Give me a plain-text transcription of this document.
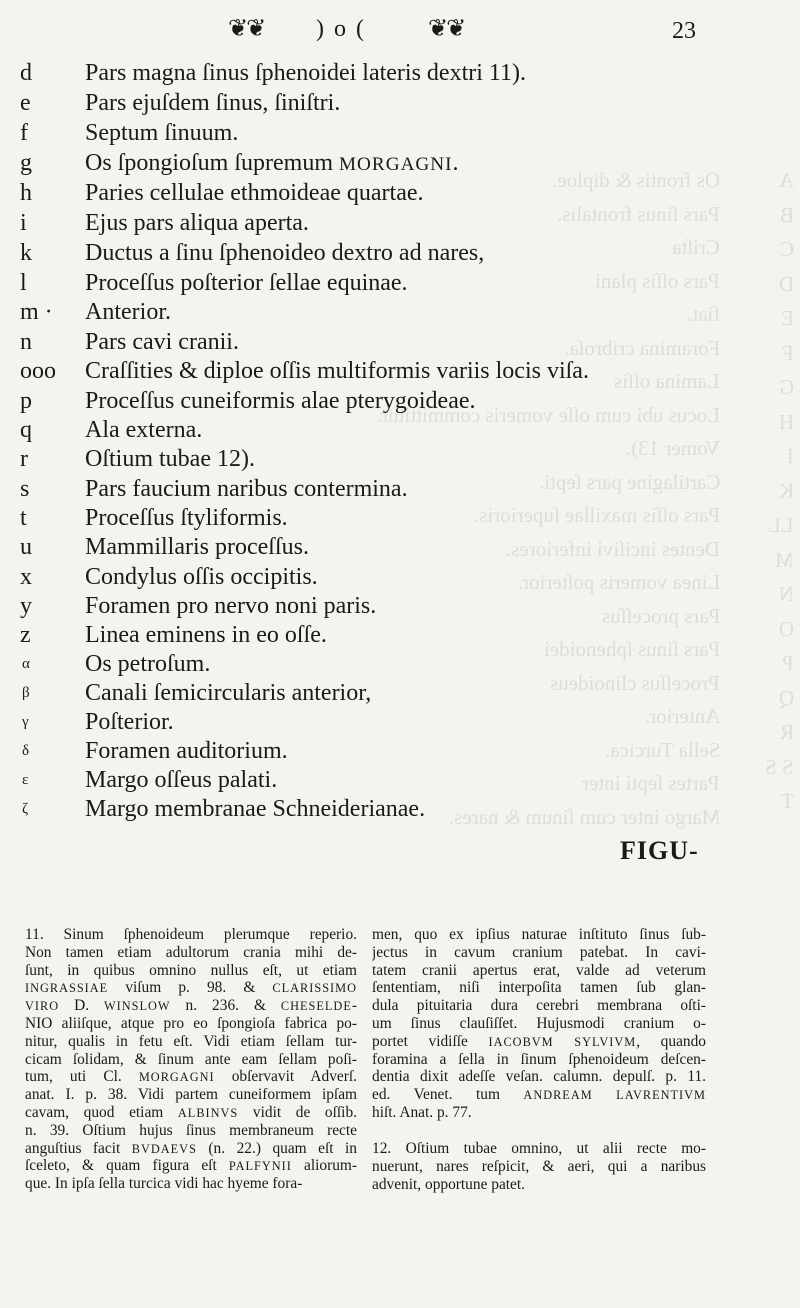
Os frontis & diploe.
Pars ſinus frontalis.
Criſta
Pars oſſis plani
fiat.
Foramina cribroſa.
Lamina oſſis
Locus ubi cum oſſe vomeris committitur.
Vomer 13).
Cartilagine pars ſepti.
Pars oſſis maxillae ſuperioris.
Dentes inciſivi inferiores.
Linea vomeris poſterior.
Pars proceſſus
Pars ſinus ſphenoidei
Proceſſus clinoideus
Anterior.
Sella Turcica.
Partes ſepti inter
Margo inter cum ſinum & nares.
A
B
C
D
E
F
G
H
I
K
LL
M
N
O
P
Q
R
S S
T
❦❦ )o( ❦❦	23
d Pars magna ſinus ſphenoidei lateris dextri 11).
e Pars ejuſdem ſinus, ſiniſtri.
f Septum ſinuum.
g Os ſpongioſum ſupremum MORGAGNI.
h Paries cellulae ethmoideae quartae.
i Ejus pars aliqua aperta.
k Ductus a ſinu ſphenoideo dextro ad nares,
l Proceſſus poſterior ſellae equinae.
m · Anterior.
n Pars cavi cranii.
ooo Craſſities & diploe oſſis multiformis variis locis viſa.
p Proceſſus cuneiformis alae pterygoideae.
q Ala externa.
r Oſtium tubae 12).
s Pars faucium naribus contermina.
t Proceſſus ſtyliformis.
u Mammillaris proceſſus.
x Condylus oſſis occipitis.
y Foramen pro nervo noni paris.
z Linea eminens in eo oſſe.
α Os petroſum.
β Canali ſemicircularis anterior,
γ Poſterior.
δ Foramen auditorium.
ε Margo oſſeus palati.
ζ Margo membranae Schneiderianae.
FIGU-
11. Sinum ſphenoideum plerumque reperio.
Non tamen etiam adultorum crania mihi de-
ſunt, in quibus omnino nullus eſt, ut etiam
INGRASSIAE viſum p. 98. & CLARISSIMO
VIRO D. WINSLOW n. 236. & CHESELDE-
NIO aliiſque, atque pro eo ſpongioſa fabrica po-
nitur, qualis in fetu eſt. Vidi etiam ſellam tur-
cicam ſolidam, & ſinum ante eam ſellam poſi-
tum, uti Cl. MORGAGNI obſervavit Adverſ.
anat. I. p. 38. Vidi partem cuneiformem ipſam
cavam, quod etiam ALBINVS vidit de oſſib.
n. 39. Oſtium hujus ſinus membraneum recte
anguſtius facit BVDAEVS (n. 22.) quam eſt in
ſceleto, & quam figura eſt PALFYNII aliorum-
que. In ipſa ſella turcica vidi hac hyeme fora-
men, quo ex ipſius naturae inſtituto ſinus ſub-
jectus in cavum cranium patebat. In cavi-
tatem cranii apertus erat, valde ad veterum
ſententiam, niſi interpoſita tamen ſub glan-
dula pituitaria dura cerebri membrana oſti-
um ſinus clauſiſſet. Hujusmodi cranium o-
portet vidiſſe IACOBVM SYLVIVM, quando
foramina a ſella in ſinum ſphenoideum deſcen-
dentia dixit adeſſe veſan. calumn. depulſ. p. 11.
ed. Venet. tum ANDREAM LAVRENTIVM
hiſt. Anat. p. 77.
12. Oſtium tubae omnino, ut alii recte mo-
nuerunt, nares reſpicit, & aeri, qui a naribus
advenit, opportune patet.
